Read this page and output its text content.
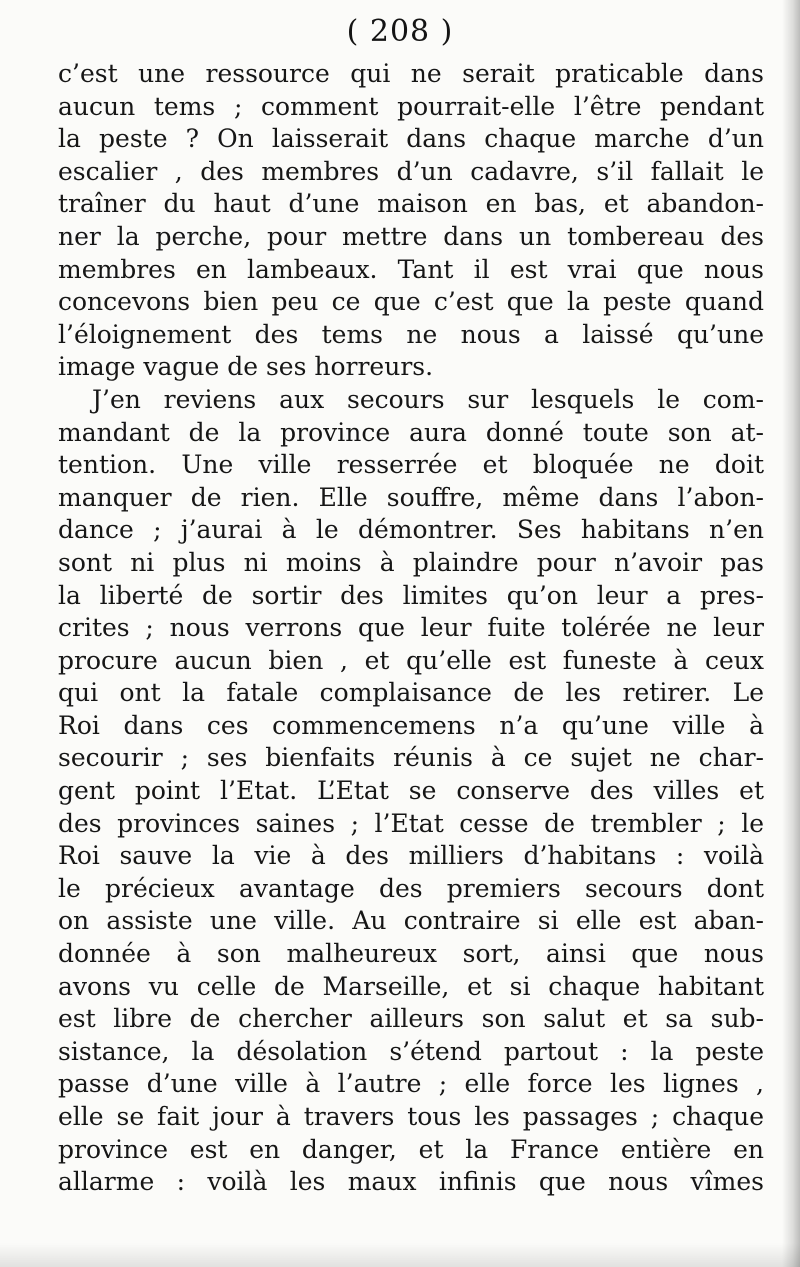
( 208 )
c’est une ressource qui ne serait praticable dans
aucun tems ; comment pourrait-elle l’être pendant
la peste ? On laisserait dans chaque marche d’un
escalier , des membres d’un cadavre, s’il fallait le
traîner du haut d’une maison en bas, et abandon-
ner la perche, pour mettre dans un tombereau des
membres en lambeaux. Tant il est vrai que nous
concevons bien peu ce que c’est que la peste quand
l’éloignement des tems ne nous a laissé qu’une
image vague de ses horreurs.
J’en reviens aux secours sur lesquels le com-
mandant de la province aura donné toute son at-
tention. Une ville resserrée et bloquée ne doit
manquer de rien. Elle souffre, même dans l’abon-
dance ; j’aurai à le démontrer. Ses habitans n’en
sont ni plus ni moins à plaindre pour n’avoir pas
la liberté de sortir des limites qu’on leur a pres-
crites ; nous verrons que leur fuite tolérée ne leur
procure aucun bien , et qu’elle est funeste à ceux
qui ont la fatale complaisance de les retirer. Le
Roi dans ces commencemens n’a qu’une ville à
secourir ; ses bienfaits réunis à ce sujet ne char-
gent point l’Etat. L’Etat se conserve des villes et
des provinces saines ; l’Etat cesse de trembler ; le
Roi sauve la vie à des milliers d’habitans : voilà
le précieux avantage des premiers secours dont
on assiste une ville. Au contraire si elle est aban-
donnée à son malheureux sort, ainsi que nous
avons vu celle de Marseille, et si chaque habitant
est libre de chercher ailleurs son salut et sa sub-
sistance, la désolation s’étend partout : la peste
passe d’une ville à l’autre ; elle force les lignes ,
elle se fait jour à travers tous les passages ; chaque
province est en danger, et la France entière en
allarme : voilà les maux infinis que nous vîmes
